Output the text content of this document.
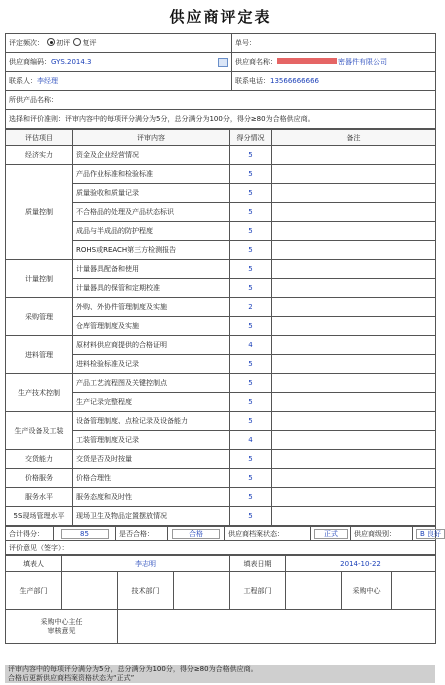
供应商评定表
评定频次： 初评 复评	单号：
供应商编码：GYS.2014.3	供应商名称： 密器件有限公司
联系人：李经理	联系电话：13566666666
所供产品名称：	
选择和评价准则：评审内容中的每项评分满分为5分，总分满分为100分，得分≥80为合格供应商。	
评估项目	评审内容	得分情况	备注
经济实力	资金及企业经营情况	5	
质量控制	产品作业标准和检验标准	5	
	质量验收和质量记录	5	
	不合格品的处理及产品状态标识	5	
	成品与半成品的防护程度	5	
	ROHS或REACH第三方检测报告	5	
计量控制	计量器具配备和使用	5	
	计量器具的保管和定期校准	5	
采购管理	外购、外协件管理制度及实施	2	
	仓库管理制度及实施	5	
进料管理	原材料供应商提供的合格证明	4	
	进料检验标准及记录	5	
生产技术控制	产品工艺流程图及关键控制点	5	
	生产记录完整程度	5	
生产设备及工装	设备管理制度、点检记录及设备能力	5	
	工装管理制度及记录	4	
交货能力	交货是否及时按量	5	
价格服务	价格合理性	5	
服务水平	服务态度和及时性	5	
5S现场管理水平	现场卫生及物品定置摆放情况	5	
合计得分：	85	是否合格：	合格	供应商档案状态：	正式	供应商级别：	B 良好
评价意见（签字）：
填表人	李志明			填表日期	2014-10-22		
生产部门		技术部门		工程部门		采购中心	
采购中心主任
审核意见							
评审内容中的每项评分满分为5分，总分满分为100分，得分≥80为合格供应商。
合格后更新供应商档案资格状态为“正式”
